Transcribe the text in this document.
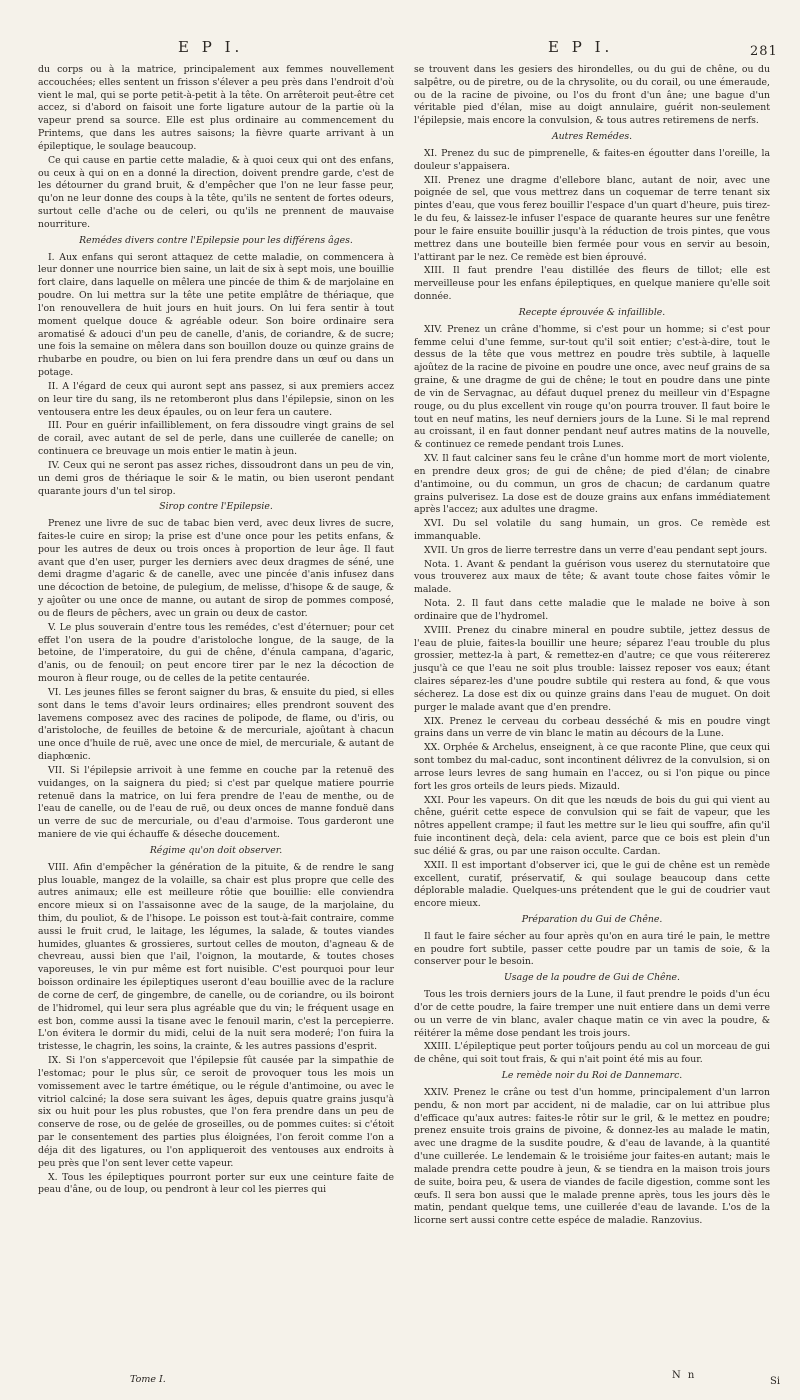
E P I.	E P I.	281

du corps ou à la matrice, principalement aux femmes nouvellement accouchées; elles sentent un frisson s'élever a peu près dans l'endroit d'où vient le mal, qui se porte petit-à-petit à la tête. On arrêteroit peut-être cet accez, si d'abord on faisoit une forte ligature autour de la partie où la vapeur prend sa source. Elle est plus ordinaire au commencement du Printems, que dans les autres saisons; la fièvre quarte arrivant à un épileptique, le soulage beaucoup.

Ce qui cause en partie cette maladie, & à quoi ceux qui ont des enfans, ou ceux à qui on en a donné la direction, doivent prendre garde, c'est de les détourner du grand bruit, & d'empêcher que l'on ne leur fasse peur, qu'on ne leur donne des coups à la tête, qu'ils ne sentent de fortes odeurs, surtout celle d'ache ou de celeri, ou qu'ils ne prennent de mauvaise nourriture.

Remédes divers contre l'Epilepsie pour les différens âges.

I. Aux enfans qui seront attaquez de cette maladie, on commencera à leur donner une nourrice bien saine, un lait de six à sept mois, une bouillie fort claire, dans laquelle on mêlera une pincée de thim & de marjolaine en poudre. On lui mettra sur la tête une petite emplâtre de thériaque, que l'on renouvellera de huit jours en huit jours. On lui fera sentir à tout moment quelque douce & agréable odeur. Son boire ordinaire sera aromatisé & adouci d'un peu de canelle, d'anis, de coriandre, & de sucre; une fois la semaine on mêlera dans son bouillon douze ou quinze grains de rhubarbe en poudre, ou bien on lui fera prendre dans un œuf ou dans un potage.

II. A l'égard de ceux qui auront sept ans passez, si aux premiers accez on leur tire du sang, ils ne retomberont plus dans l'épilepsie, sinon on les ventousera entre les deux épaules, ou on leur fera un cautere.

III. Pour en guérir infailliblement, on fera dissoudre vingt grains de sel de corail, avec autant de sel de perle, dans une cuillerée de canelle; on continuera ce breuvage un mois entier le matin à jeun.

IV. Ceux qui ne seront pas assez riches, dissoudront dans un peu de vin, un demi gros de thériaque le soir & le matin, ou bien useront pendant quarante jours d'un tel sirop.

Sirop contre l'Epilepsie.

Prenez une livre de suc de tabac bien verd, avec deux livres de sucre, faites-le cuire en sirop; la prise est d'une once pour les petits enfans, & pour les autres de deux ou trois onces à proportion de leur âge. Il faut avant que d'en user, purger les derniers avec deux dragmes de séné, une demi dragme d'agaric & de canelle, avec une pincée d'anis infusez dans une décoction de betoine, de pulegium, de melisse, d'hisope & de sauge, & y ajoûter ou une once de manne, ou autant de sirop de pommes composé, ou de fleurs de pêchers, avec un grain ou deux de castor.

V. Le plus souverain d'entre tous les remédes, c'est d'éternuer; pour cet effet l'on usera de la poudre d'aristoloche longue, de la sauge, de la betoine, de l'imperatoire, du gui de chêne, d'énula campana, d'agaric, d'anis, ou de fenouil; on peut encore tirer par le nez la décoction de mouron à fleur rouge, ou de celles de la petite centaurée.

VI. Les jeunes filles se feront saigner du bras, & ensuite du pied, si elles sont dans le tems d'avoir leurs ordinaires; elles prendront souvent des lavemens composez avec des racines de polipode, de flame, ou d'iris, ou d'aristoloche, de feuilles de betoine & de mercuriale, ajoûtant à chacun une once d'huile de ruë, avec une once de miel, de mercuriale, & autant de diaphœnic.

VII. Si l'épilepsie arrivoit à une femme en couche par la retenuë des vuidanges, on la saignera du pied; si c'est par quelque matiere pourrie retenuë dans la matrice, on lui fera prendre de l'eau de menthe, ou de l'eau de canelle, ou de l'eau de ruë, ou deux onces de manne fonduë dans un verre de suc de mercuriale, ou d'eau d'armoise. Tous garderont une maniere de vie qui échauffe & déseche doucement.

Régime qu'on doit observer.

VIII. Afin d'empêcher la génération de la pituite, & de rendre le sang plus louable, mangez de la volaille, sa chair est plus propre que celle des autres animaux; elle est meilleure rôtie que bouillie: elle conviendra encore mieux si on l'assaisonne avec de la sauge, de la marjolaine, du thim, du pouliot, & de l'hisope. Le poisson est tout-à-fait contraire, comme aussi le fruit crud, le laitage, les légumes, la salade, & toutes viandes humides, gluantes & grossieres, surtout celles de mouton, d'agneau & de chevreau, aussi bien que l'ail, l'oignon, la moutarde, & toutes choses vaporeuses, le vin pur même est fort nuisible. C'est pourquoi pour leur boisson ordinaire les épileptiques useront d'eau bouillie avec de la raclure de corne de cerf, de gingembre, de canelle, ou de coriandre, ou ils boiront de l'hidromel, qui leur sera plus agréable que du vin; le fréquent usage en est bon, comme aussi la tisane avec le fenouil marin, c'est la percepierre. L'on évitera le dormir du midi, celui de la nuit sera moderé; l'on fuira la tristesse, le chagrin, les soins, la crainte, & les autres passions d'esprit.

IX. Si l'on s'appercevoit que l'épilepsie fût causée par la simpathie de l'estomac; pour le plus sûr, ce seroit de provoquer tous les mois un vomissement avec le tartre émétique, ou le régule d'antimoine, ou avec le vitriol calciné; la dose sera suivant les âges, depuis quatre grains jusqu'à six ou huit pour les plus robustes, que l'on fera prendre dans un peu de conserve de rose, ou de gelée de groseilles, ou de pommes cuites: si c'étoit par le consentement des parties plus éloignées, l'on feroit comme l'on a déja dit des ligatures, ou l'on appliqueroit des ventouses aux endroits à peu près que l'on sent lever cette vapeur.

X. Tous les épileptiques pourront porter sur eux une ceinture faite de peau d'âne, ou de loup, ou pendront à leur col les pierres qui

se trouvent dans les gesiers des hirondelles, ou du gui de chêne, ou du salpêtre, ou de piretre, ou de la chrysolite, ou du corail, ou une émeraude, ou de la racine de pivoine, ou l'os du front d'un âne; une bague d'un véritable pied d'élan, mise au doigt annulaire, guérit non-seulement l'épilepsie, mais encore la convulsion, & tous autres retiremens de nerfs.

Autres Remédes.

XI. Prenez du suc de pimprenelle, & faites-en égoutter dans l'oreille, la douleur s'appaisera.

XII. Prenez une dragme d'ellebore blanc, autant de noir, avec une poignée de sel, que vous mettrez dans un coquemar de terre tenant six pintes d'eau, que vous ferez bouillir l'espace d'un quart d'heure, puis tirez-le du feu, & laissez-le infuser l'espace de quarante heures sur une fenêtre pour le faire ensuite bouillir jusqu'à la réduction de trois pintes, que vous mettrez dans une bouteille bien fermée pour vous en servir au besoin, l'attirant par le nez. Ce remède est bien éprouvé.

XIII. Il faut prendre l'eau distillée des fleurs de tillot; elle est merveilleuse pour les enfans épileptiques, en quelque maniere qu'elle soit donnée.

Recepte éprouvée & infaillible.

XIV. Prenez un crâne d'homme, si c'est pour un homme; si c'est pour femme celui d'une femme, sur-tout qu'il soit entier; c'est-à-dire, tout le dessus de la tête que vous mettrez en poudre très subtile, à laquelle ajoûtez de la racine de pivoine en poudre une once, avec neuf grains de sa graine, & une dragme de gui de chêne; le tout en poudre dans une pinte de vin de Servagnac, au défaut duquel prenez du meilleur vin d'Espagne rouge, ou du plus excellent vin rouge qu'on pourra trouver. Il faut boire le tout en neuf matins, les neuf derniers jours de la Lune. Si le mal reprend au croissant, il en faut donner pendant neuf autres matins de la nouvelle, & continuez ce remede pendant trois Lunes.

XV. Il faut calciner sans feu le crâne d'un homme mort de mort violente, en prendre deux gros; de gui de chêne; de pied d'élan; de cinabre d'antimoine, ou du commun, un gros de chacun; de cardanum quatre grains pulverisez. La dose est de douze grains aux enfans immédiatement après l'accez; aux adultes une dragme.

XVI. Du sel volatile du sang humain, un gros. Ce remède est immanquable.

XVII. Un gros de lierre terrestre dans un verre d'eau pendant sept jours.

Nota. 1. Avant & pendant la guérison vous userez du sternutatoire que vous trouverez aux maux de tête; & avant toute chose faites vômir le malade.

Nota. 2. Il faut dans cette maladie que le malade ne boive à son ordinaire que de l'hydromel.

XVIII. Prenez du cinabre mineral en poudre subtile, jettez dessus de l'eau de pluie, faites-la bouillir une heure; séparez l'eau trouble du plus grossier, mettez-la à part, & remettez-en d'autre; ce que vous réitererez jusqu'à ce que l'eau ne soit plus trouble: laissez reposer vos eaux; étant claires séparez-les d'une poudre subtile qui restera au fond, & que vous sécherez. La dose est dix ou quinze grains dans l'eau de muguet. On doit purger le malade avant que d'en prendre.

XIX. Prenez le cerveau du corbeau desséché & mis en poudre vingt grains dans un verre de vin blanc le matin au décours de la Lune.

XX. Orphée & Archelus, enseignent, à ce que raconte Pline, que ceux qui sont tombez du mal-caduc, sont incontinent délivrez de la convulsion, si on arrose leurs levres de sang humain en l'accez, ou si l'on pique ou pince fort les gros orteils de leurs pieds. Mizauld.

XXI. Pour les vapeurs. On dit que les nœuds de bois du gui qui vient au chêne, guérit cette espece de convulsion qui se fait de vapeur, que les nôtres appellent crampe; il faut les mettre sur le lieu qui souffre, afin qu'il fuie incontinent deçà, dela: cela avient, parce que ce bois est plein d'un suc délié & gras, ou par une raison occulte. Cardan.

XXII. Il est important d'observer ici, que le gui de chêne est un remède excellent, curatif, préservatif, & qui soulage beaucoup dans cette déplorable maladie. Quelques-uns prétendent que le gui de coudrier vaut encore mieux.

Préparation du Gui de Chêne.

Il faut le faire sécher au four après qu'on en aura tiré le pain, le mettre en poudre fort subtile, passer cette poudre par un tamis de soie, & la conserver pour le besoin.

Usage de la poudre de Gui de Chêne.

Tous les trois derniers jours de la Lune, il faut prendre le poids d'un écu d'or de cette poudre, la faire tremper une nuit entiere dans un demi verre ou un verre de vin blanc, avaler chaque matin ce vin avec la poudre, & réitérer la même dose pendant les trois jours.

XXIII. L'épileptique peut porter toûjours pendu au col un morceau de gui de chêne, qui soit tout frais, & qui n'ait point été mis au four.

Le remède noir du Roi de Dannemarc.

XXIV. Prenez le crâne ou test d'un homme, principalement d'un larron pendu, & non mort par accident, ni de maladie, car on lui attribue plus d'efficace qu'aux autres: faites-le rôtir sur le gril, & le mettez en poudre; prenez ensuite trois grains de pivoine, & donnez-les au malade le matin, avec une dragme de la susdite poudre, & d'eau de lavande, à la quantité d'une cuillerée. Le lendemain & le troisiéme jour faites-en autant; mais le malade prendra cette poudre à jeun, & se tiendra en la maison trois jours de suite, boira peu, & usera de viandes de facile digestion, comme sont les œufs. Il sera bon aussi que le malade prenne après, tous les jours dès le matin, pendant quelque tems, une cuillerée d'eau de lavande. L'os de la licorne sert aussi contre cette espéce de maladie. Ranzovius.

Tome I.	N n
Si
